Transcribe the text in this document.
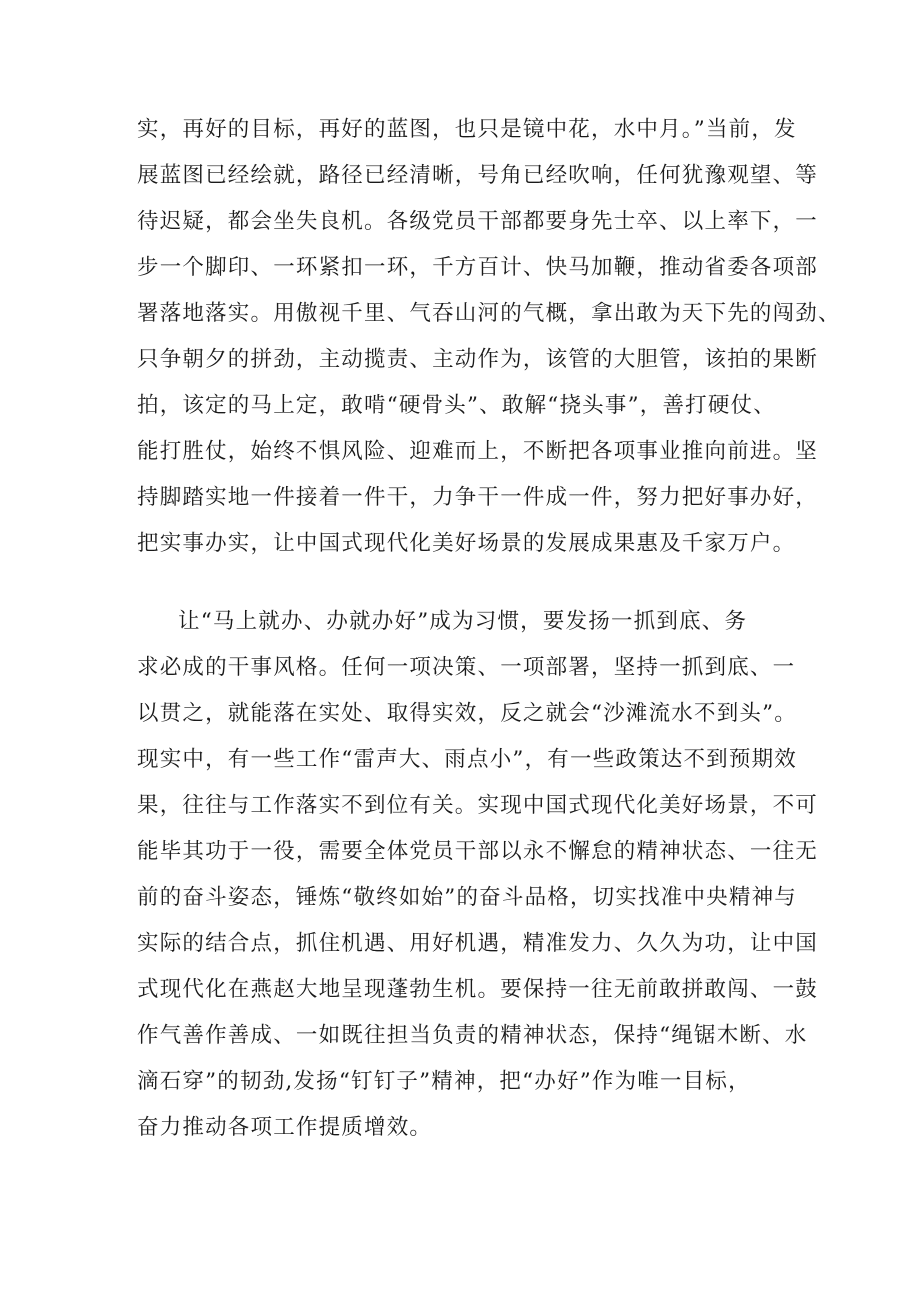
实，再好的目标，再好的蓝图，也只是镜中花，水中月。”当前，发
展蓝图已经绘就，路径已经清晰，号角已经吹响，任何犹豫观望、等
待迟疑，都会坐失良机。各级党员干部都要身先士卒、以上率下，一
步一个脚印、一环紧扣一环，千方百计、快马加鞭，推动省委各项部
署落地落实。用傲视千里、气吞山河的气概，拿出敢为天下先的闯劲、
只争朝夕的拼劲，主动揽责、主动作为，该管的大胆管，该拍的果断
拍，该定的马上定，敢啃“硬骨头”、敢解“挠头事”，善打硬仗、
能打胜仗，始终不惧风险、迎难而上，不断把各项事业推向前进。坚
持脚踏实地一件接着一件干，力争干一件成一件，努力把好事办好，
把实事办实，让中国式现代化美好场景的发展成果惠及千家万户。
让“马上就办、办就办好”成为习惯，要发扬一抓到底、务
求必成的干事风格。任何一项决策、一项部署，坚持一抓到底、一
以贯之，就能落在实处、取得实效，反之就会“沙滩流水不到头”。
现实中，有一些工作“雷声大、雨点小”，有一些政策达不到预期效
果，往往与工作落实不到位有关。实现中国式现代化美好场景，不可
能毕其功于一役，需要全体党员干部以永不懈怠的精神状态、一往无
前的奋斗姿态，锤炼“敬终如始”的奋斗品格，切实找准中央精神与
实际的结合点，抓住机遇、用好机遇，精准发力、久久为功，让中国
式现代化在燕赵大地呈现蓬勃生机。要保持一往无前敢拼敢闯、一鼓
作气善作善成、一如既往担当负责的精神状态，保持“绳锯木断、水
滴石穿”的韧劲,发扬“钉钉子”精神，把“办好”作为唯一目标，
奋力推动各项工作提质增效。
